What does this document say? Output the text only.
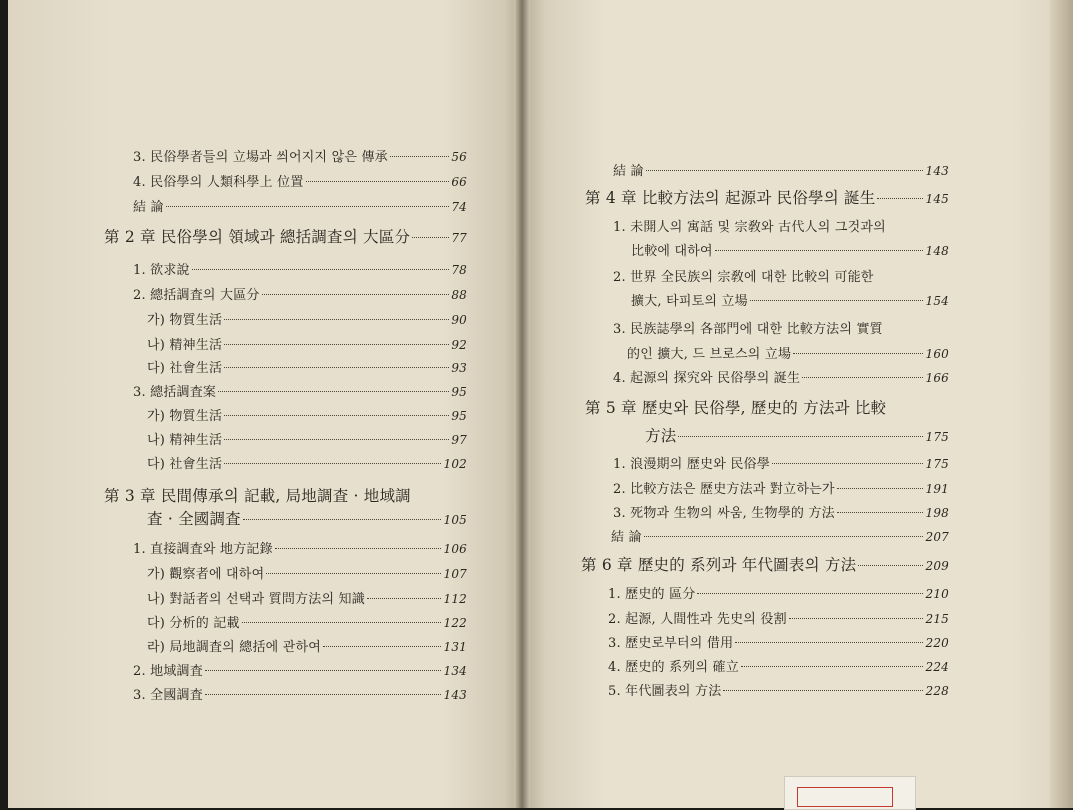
3. 民俗學者들의 立場과 씌어지지 않은 傳承	56
4. 民俗學의 人類科學上 位置	66
結 論	74
第 2 章 民俗學의 領域과 總括調査의 大區分	77
1. 欲求說	78
2. 總括調査의 大區分	88
가) 物質生活	90
나) 精神生活	92
다) 社會生活	93
3. 總括調査案	95
가) 物質生活	95
나) 精神生活	97
다) 社會生活	102
第 3 章 民間傳承의 記載, 局地調査 · 地域調
査 · 全國調査	105
1. 直接調査와 地方記錄	106
가) 觀察者에 대하여	107
나) 對話者의 선택과 質問方法의 知識	112
다) 分析的 記載	122
라) 局地調査의 總括에 관하여	131
2. 地域調査	134
3. 全國調査	143
結 論	143
第 4 章 比較方法의 起源과 民俗學의 誕生	145
1. 未開人의 寓話 및 宗敎와 古代人의 그것과의
比較에 대하여	148
2. 世界 全民族의 宗敎에 대한 比較의 可能한
擴大, 타피토의 立場	154
3. 民族誌學의 各部門에 대한 比較方法의 實質
的인 擴大, 드 브로스의 立場	160
4. 起源의 探究와 民俗學의 誕生	166
第 5 章 歷史와 民俗學, 歷史的 方法과 比較
方法	175
1. 浪漫期의 歷史와 民俗學	175
2. 比較方法은 歷史方法과 對立하는가	191
3. 死物과 生物의 싸움, 生物學的 方法	198
結 論	207
第 6 章 歷史的 系列과 年代圖表의 方法	209
1. 歷史的 區分	210
2. 起源, 人間性과 先史의 役割	215
3. 歷史로부터의 借用	220
4. 歷史的 系列의 確立	224
5. 年代圖表의 方法	228
